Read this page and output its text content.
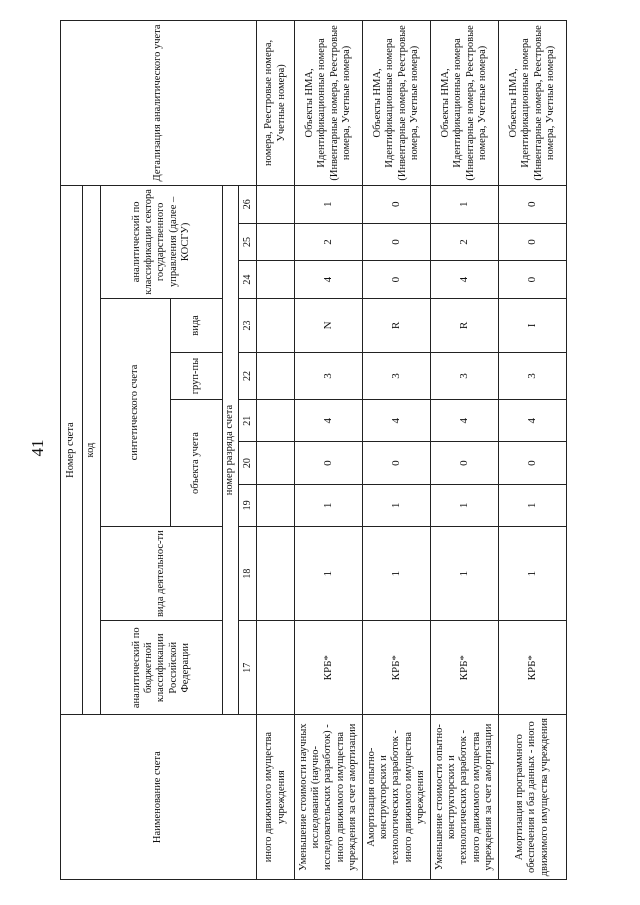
41
Наименование счета	Номер счета										Детализация аналитического учета
	код										
	аналитический по бюджетной классификации Российской Федерации	вида деятельнос-ти	синтетического счета					аналитический по классификации сектора государственного управления (далее – КОСГУ)			
			объекта учета			груп-пы	вида				
	номер разряда счета										
	17	18	19	20	21	22	23	24	25	26	
иного движимого имущества учреждения											номера, Реестровые номера, Учетные номера)
Уменьшение стоимости научных исследований (научно-исследовательских разработок) - иного движимого имущества учреждения за счет амортизации	КРБ*	1	1	0	4	3	N	4	2	1	Объекты НМА, Идентификационные номера (Инвентарные номера, Реестровые номера, Учетные номера)
Амортизация опытно-конструкторских и технологических разработок - иного движимого имущества учреждения	КРБ*	1	1	0	4	3	R	0	0	0	Объекты НМА, Идентификационные номера (Инвентарные номера, Реестровые номера, Учетные номера)
Уменьшение стоимости опытно-конструкторских и технологических разработок - иного движимого имущества учреждения за счет амортизации	КРБ*	1	1	0	4	3	R	4	2	1	Объекты НМА, Идентификационные номера (Инвентарные номера, Реестровые номера, Учетные номера)
Амортизация программного обеспечения и баз данных - иного движимого имущества учреждения	КРБ*	1	1	0	4	3	I	0	0	0	Объекты НМА, Идентификационные номера (Инвентарные номера, Реестровые номера, Учетные номера)
